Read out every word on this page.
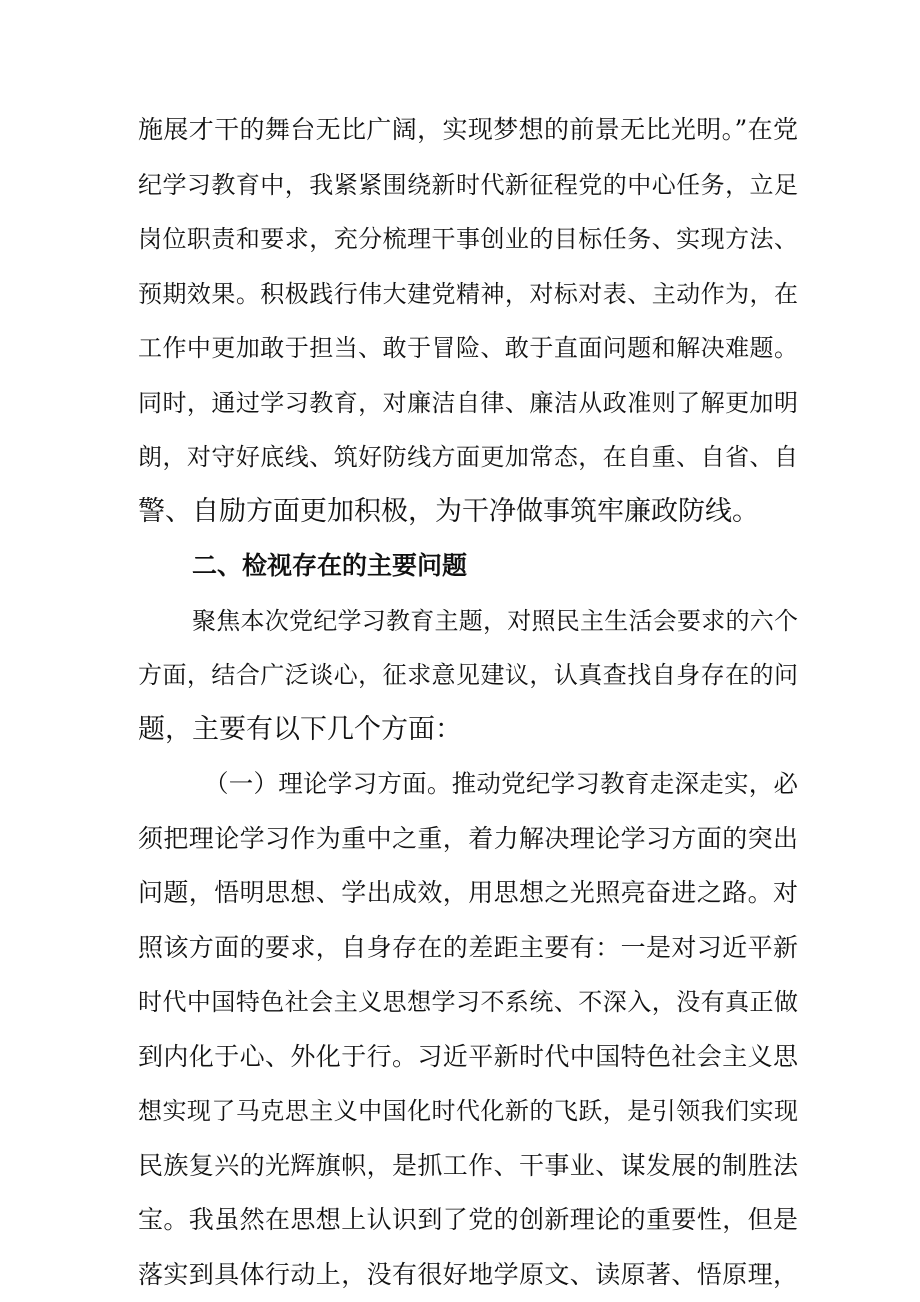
施展才干的舞台无比广阔，实现梦想的前景无比光明。”在党
纪学习教育中，我紧紧围绕新时代新征程党的中心任务，立足
岗位职责和要求，充分梳理干事创业的目标任务、实现方法、
预期效果。积极践行伟大建党精神，对标对表、主动作为，在
工作中更加敢于担当、敢于冒险、敢于直面问题和解决难题。
同时，通过学习教育，对廉洁自律、廉洁从政准则了解更加明
朗，对守好底线、筑好防线方面更加常态，在自重、自省、自
警、自励方面更加积极，为干净做事筑牢廉政防线。
二、检视存在的主要问题
聚焦本次党纪学习教育主题，对照民主生活会要求的六个
方面，结合广泛谈心，征求意见建议，认真查找自身存在的问
题，主要有以下几个方面：
（一）理论学习方面。推动党纪学习教育走深走实，必
须把理论学习作为重中之重，着力解决理论学习方面的突出
问题，悟明思想、学出成效，用思想之光照亮奋进之路。对
照该方面的要求，自身存在的差距主要有：一是对习近平新
时代中国特色社会主义思想学习不系统、不深入，没有真正做
到内化于心、外化于行。习近平新时代中国特色社会主义思
想实现了马克思主义中国化时代化新的飞跃，是引领我们实现
民族复兴的光辉旗帜，是抓工作、干事业、谋发展的制胜法
宝。我虽然在思想上认识到了党的创新理论的重要性，但是
落实到具体行动上，没有很好地学原文、读原著、悟原理，
